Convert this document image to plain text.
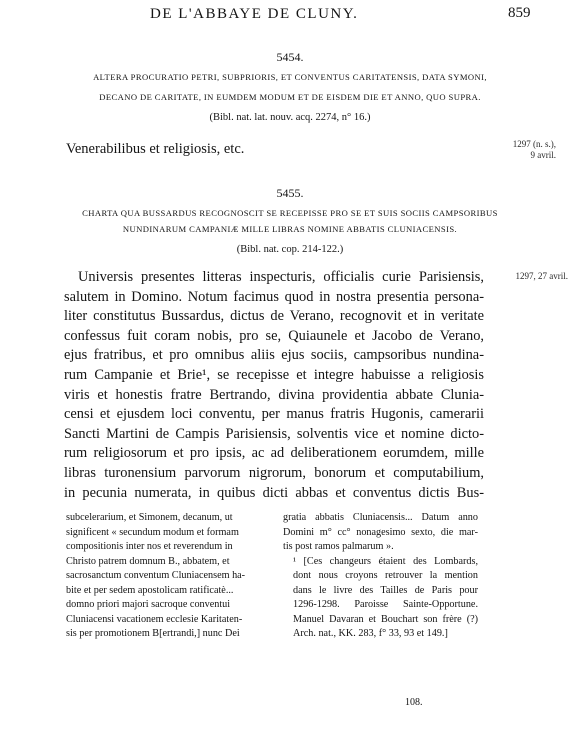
DE L'ABBAYE DE CLUNY.	859
5454.
ALTERA PROCURATIO PETRI, SUBPRIORIS, ET CONVENTUS CARITATENSIS, DATA SYMONI,
DECANO DE CARITATE, IN EUMDEM MODUM ET DE EISDEM DIE ET ANNO, QUO SUPRA.
(Bibl. nat. lat. nouv. acq. 2274, n° 16.)
1297 (n. s.),
9 avril.
Venerabilibus et religiosis, etc.
5455.
CHARTA QUA BUSSARDUS RECOGNOSCIT SE RECEPISSE PRO SE ET SUIS SOCIIS CAMPSORIBUS
NUNDINARUM CAMPANIÆ MILLE LIBRAS NOMINE ABBATIS CLUNIACENSIS.
(Bibl. nat. cop. 214-122.)
1297, 27 avril.
Universis presentes litteras inspecturis, officialis curie Parisiensis,
salutem in Domino. Notum facimus quod in nostra presentia persona-
liter constitutus Bussardus, dictus de Verano, recognovit et in veritate
confessus fuit coram nobis, pro se, Quiaunele et Jacobo de Verano,
ejus fratribus, et pro omnibus aliis ejus sociis, campsoribus nundina-
rum Campanie et Brie¹, se recepisse et integre habuisse a religiosis
viris et honestis fratre Bertrando, divina providentia abbate Clunia-
censi et ejusdem loci conventu, per manus fratris Hugonis, camerarii
Sancti Martini de Campis Parisiensis, solventis vice et nomine dicto-
rum religiosorum et pro ipsis, ac ad deliberationem eorumdem, mille
libras turonensium parvorum nigrorum, bonorum et computabilium,
in pecunia numerata, in quibus dicti abbas et conventus dictis Bus-
subcelerarium, et Simonem, decanum, ut
significent « secundum modum et formam
compositionis inter nos et reverendum in
Christo patrem domnum B., abbatem, et
sacrosanctum conventum Cluniacensem ha-
bite et per sedem apostolicam ratificatè...
domno priori majori sacroque conventui
Cluniacensi vacationem ecclesie Karitaten-
sis per promotionem B[ertrandi,] nunc Dei
gratia abbatis Cluniacensis... Datum anno
Domini m° cc° nonagesimo sexto, die mar-
tis post ramos palmarum ».
¹ [Ces changeurs étaient des Lombards,
dont nous croyons retrouver la mention
dans le livre des Tailles de Paris pour
1296-1298. Paroisse Sainte-Opportune.
Manuel Davaran et Bouchart son frère (?)
Arch. nat., KK. 283, f° 33, 93 et 149.]
108.
